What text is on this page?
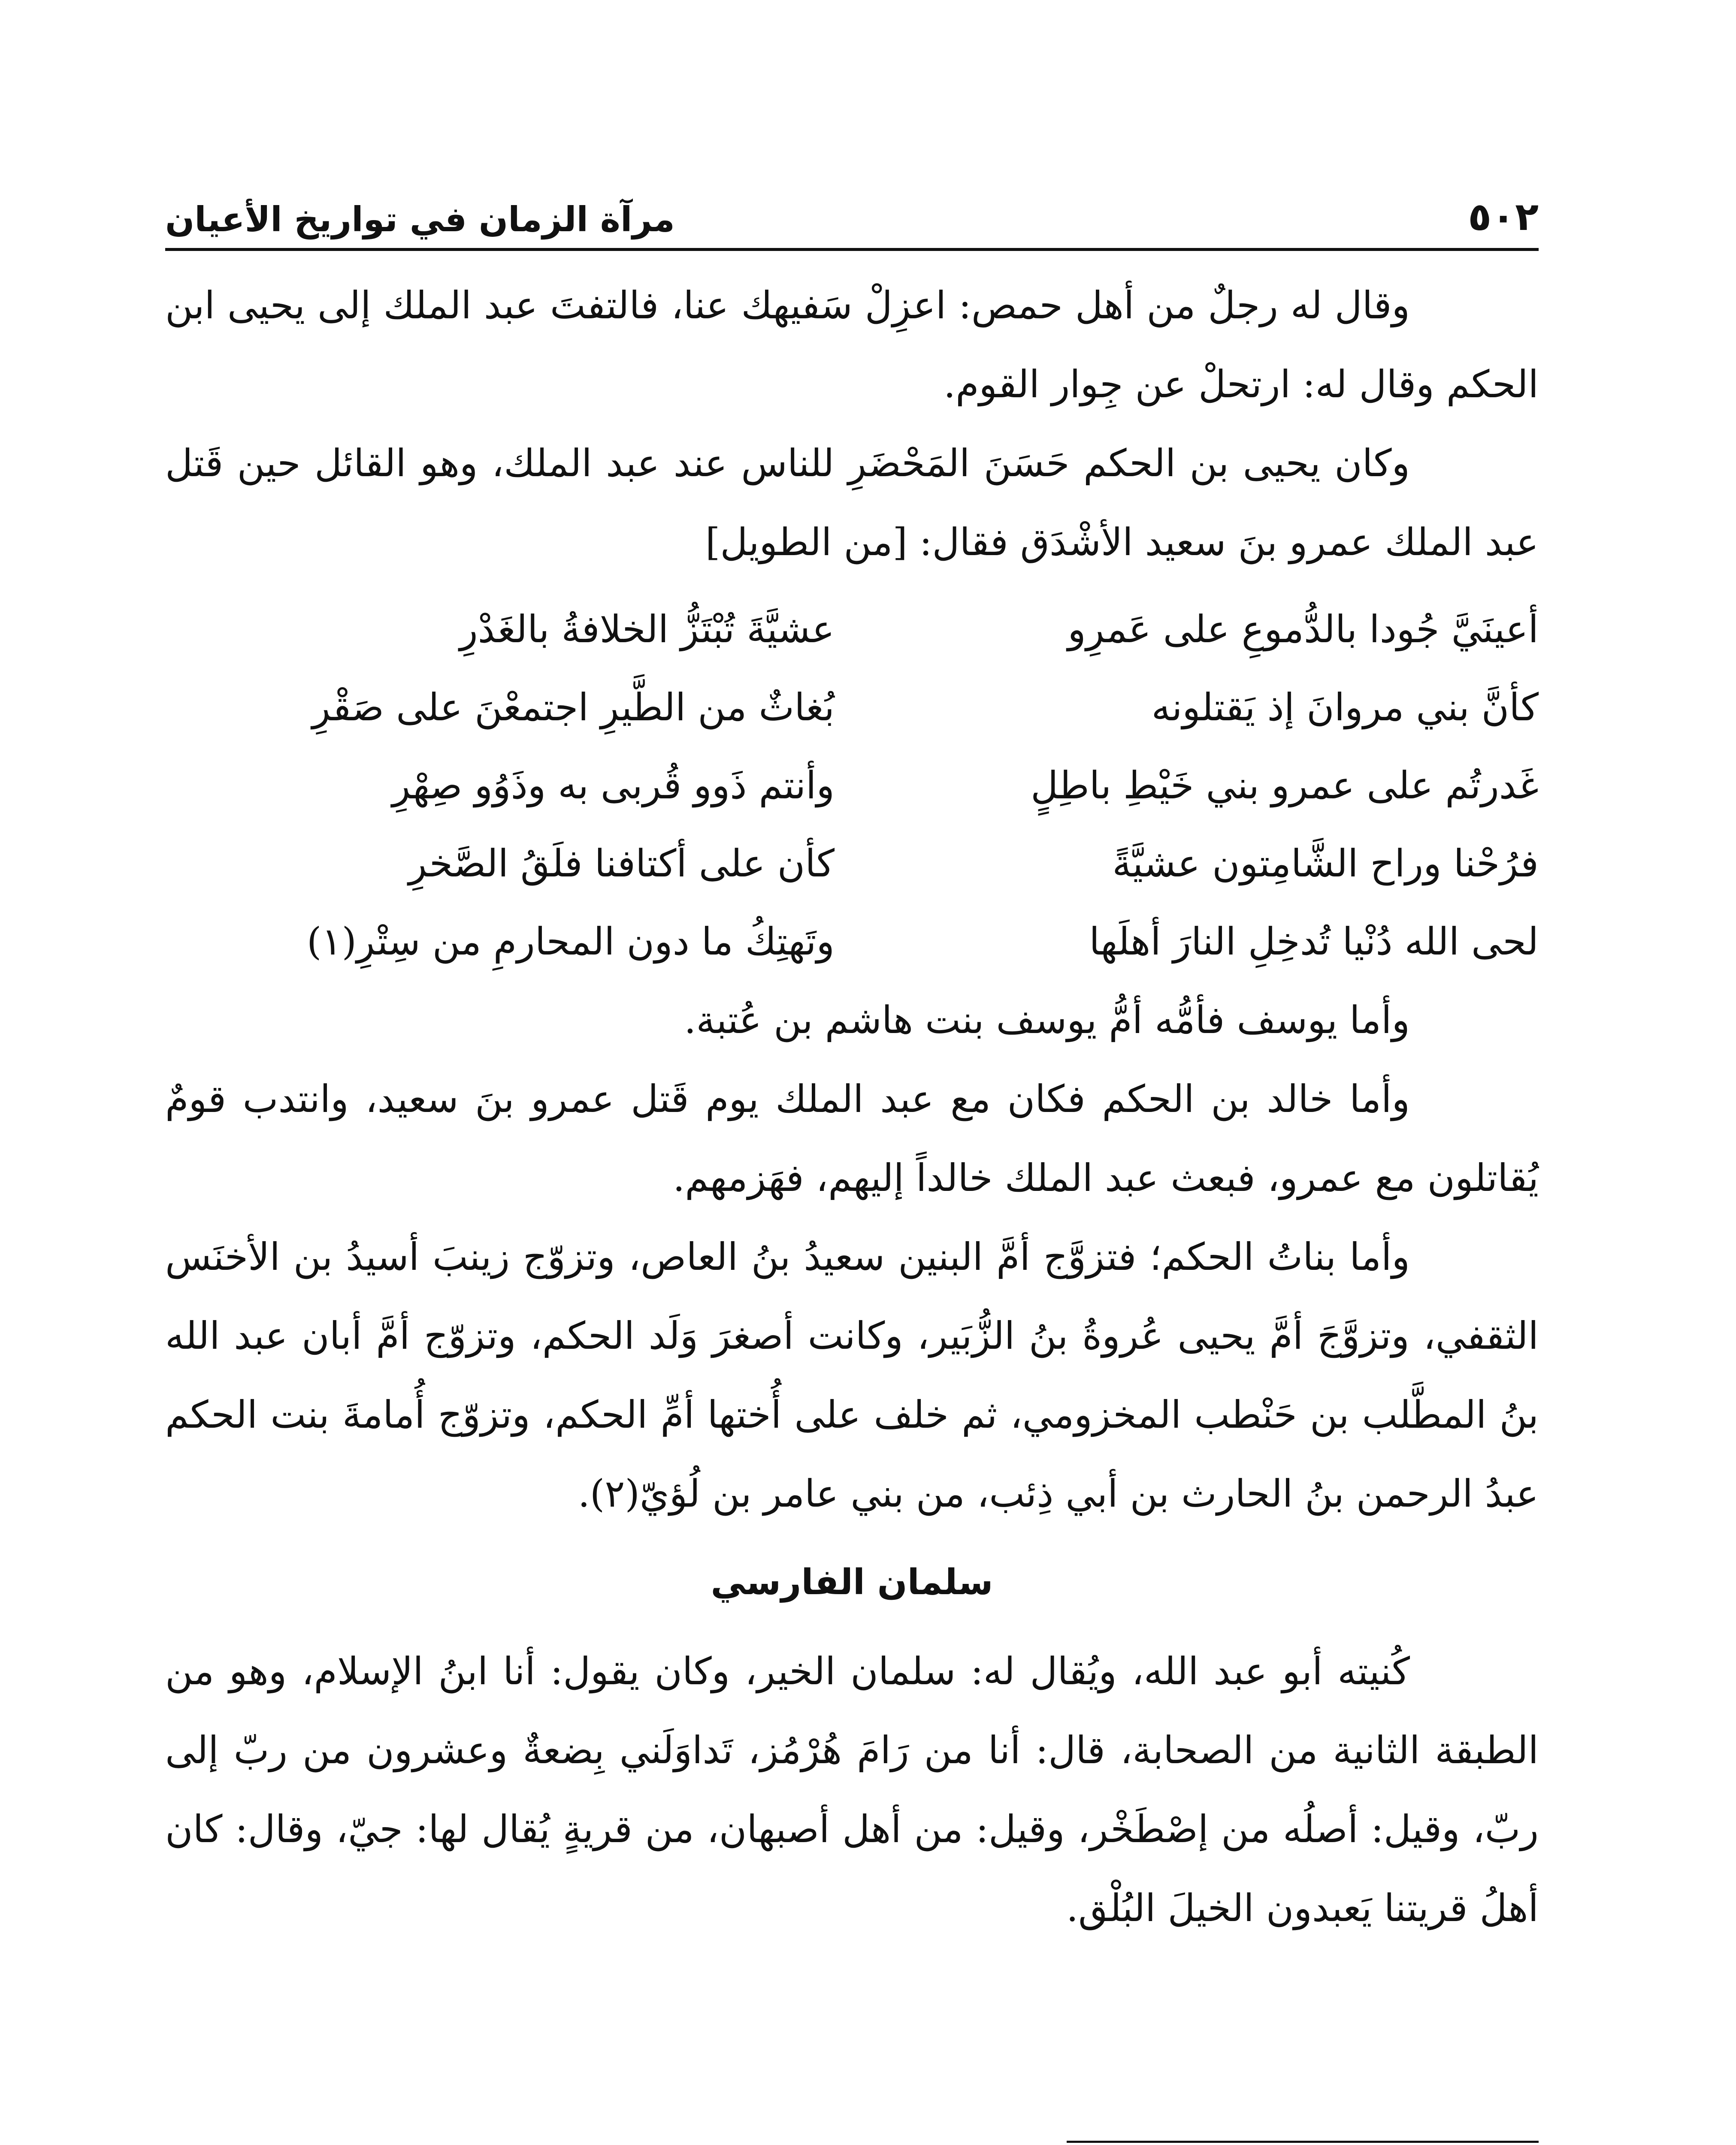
٥٠٢
مرآة الزمان في تواريخ الأعيان

وقال له رجلٌ من أهل حمص: اعزِلْ سَفيهك عنا، فالتفتَ عبد الملك إلى يحيى ابن الحكم وقال له: ارتحلْ عن جِوار القوم.

وكان يحيى بن الحكم حَسَنَ المَحْضَرِ للناس عند عبد الملك، وهو القائل حين قَتل عبد الملك عمرو بنَ سعيد الأشْدَق فقال: [من الطويل]

أعينَيَّ جُودا بالدُّموعِ على عَمرِو
عشيَّةَ تُبْتَزُّ الخلافةُ بالغَدْرِ
كأنَّ بني مروانَ إذ يَقتلونه
بُغاثٌ من الطَّيرِ اجتمعْنَ على صَقْرِ
غَدرتُم على عمرو بني خَيْطِ باطِلٍ
وأنتم ذَوو قُربى به وذَوُو صِهْرِ
فرُحْنا وراح الشَّامِتون عشيَّةً
كأن على أكتافنا فلَقُ الصَّخرِ
لحى الله دُنْيا تُدخِلِ النارَ أهلَها
وتَهتِكُ ما دون المحارمِ من سِتْرِ(١)

وأما يوسف فأمُّه أمُّ يوسف بنت هاشم بن عُتبة.

وأما خالد بن الحكم فكان مع عبد الملك يوم قَتل عمرو بنَ سعيد، وانتدب قومٌ يُقاتلون مع عمرو، فبعث عبد الملك خالداً إليهم، فهَزمهم.

وأما بناتُ الحكم؛ فتزوَّج أمَّ البنين سعيدُ بنُ العاص، وتزوّج زينبَ أسيدُ بن الأخنَس الثقفي، وتزوَّجَ أمَّ يحيى عُروةُ بنُ الزُّبَير، وكانت أصغرَ وَلَد الحكم، وتزوّج أمَّ أبان عبد الله بنُ المطَّلب بن حَنْطب المخزومي، ثم خلف على أُختها أمِّ الحكم، وتزوّج أُمامةَ بنت الحكم عبدُ الرحمن بنُ الحارث بن أبي ذِئب، من بني عامر بن لُؤيّ(٢).

سلمان الفارسي

كُنيته أبو عبد الله، ويُقال له: سلمان الخير، وكان يقول: أنا ابنُ الإسلام، وهو من الطبقة الثانية من الصحابة، قال: أنا من رَامَ هُرْمُز، تَداوَلَني بِضعةٌ وعشرون من ربّ إلى ربّ، وقيل: أصلُه من إصْطَخْر، وقيل: من أهل أصبهان، من قريةٍ يُقال لها: جيّ، وقال: كان أهلُ قريتنا يَعبدون الخيلَ البُلْق.
